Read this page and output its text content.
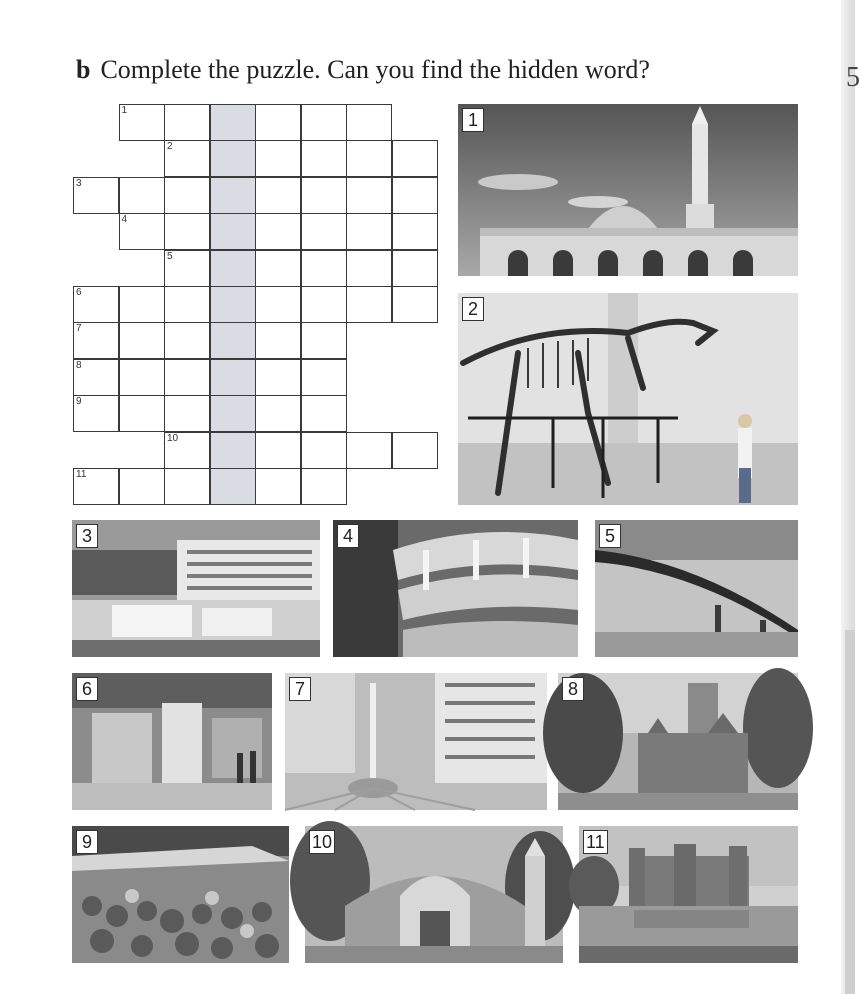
5
b Complete the puzzle. Can you find the hidden word?
1
2
3
4
5
6
7
8
9
10
11
1
2
3	4	5
6	7	8
9	10	11
